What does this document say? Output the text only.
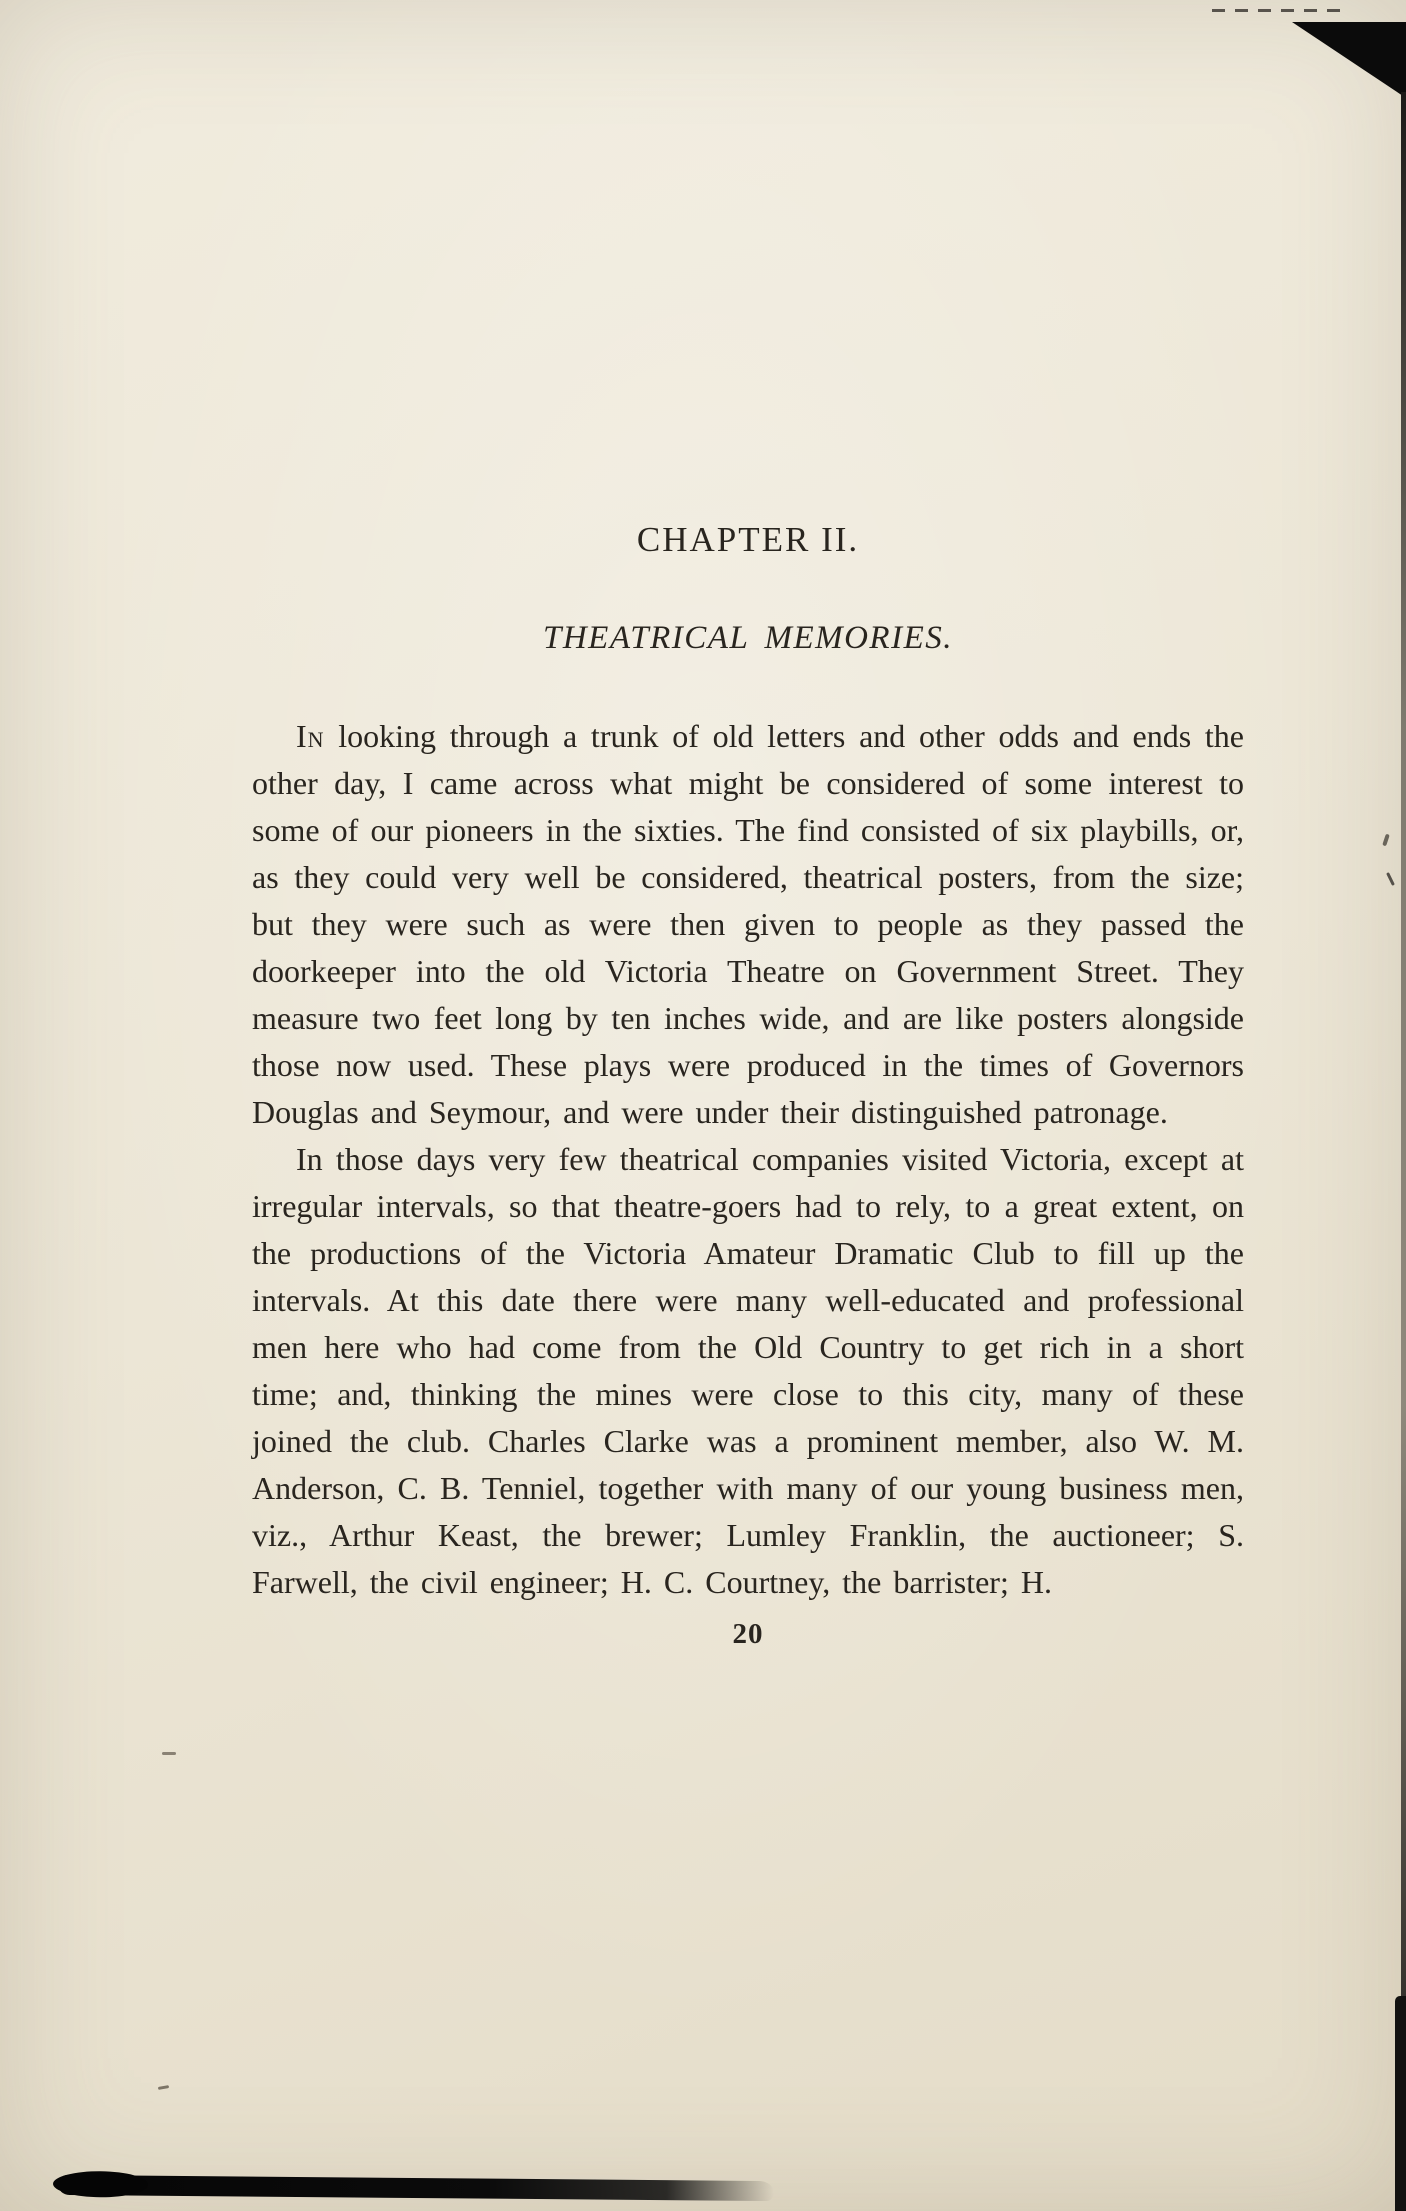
CHAPTER II.
THEATRICAL MEMORIES.

In looking through a trunk of old letters and other odds and ends the other day, I came across what might be considered of some interest to some of our pioneers in the sixties. The find consisted of six playbills, or, as they could very well be considered, theatrical posters, from the size; but they were such as were then given to people as they passed the doorkeeper into the old Victoria Theatre on Government Street. They measure two feet long by ten inches wide, and are like posters alongside those now used. These plays were produced in the times of Governors Douglas and Seymour, and were under their distinguished patronage.

In those days very few theatrical companies visited Victoria, except at irregular intervals, so that theatre-goers had to rely, to a great extent, on the productions of the Victoria Amateur Dramatic Club to fill up the intervals. At this date there were many well-educated and professional men here who had come from the Old Country to get rich in a short time; and, thinking the mines were close to this city, many of these joined the club. Charles Clarke was a prominent member, also W. M. Anderson, C. B. Tenniel, together with many of our young business men, viz., Arthur Keast, the brewer; Lumley Franklin, the auctioneer; S. Farwell, the civil engineer; H. C. Courtney, the barrister; H.

20
